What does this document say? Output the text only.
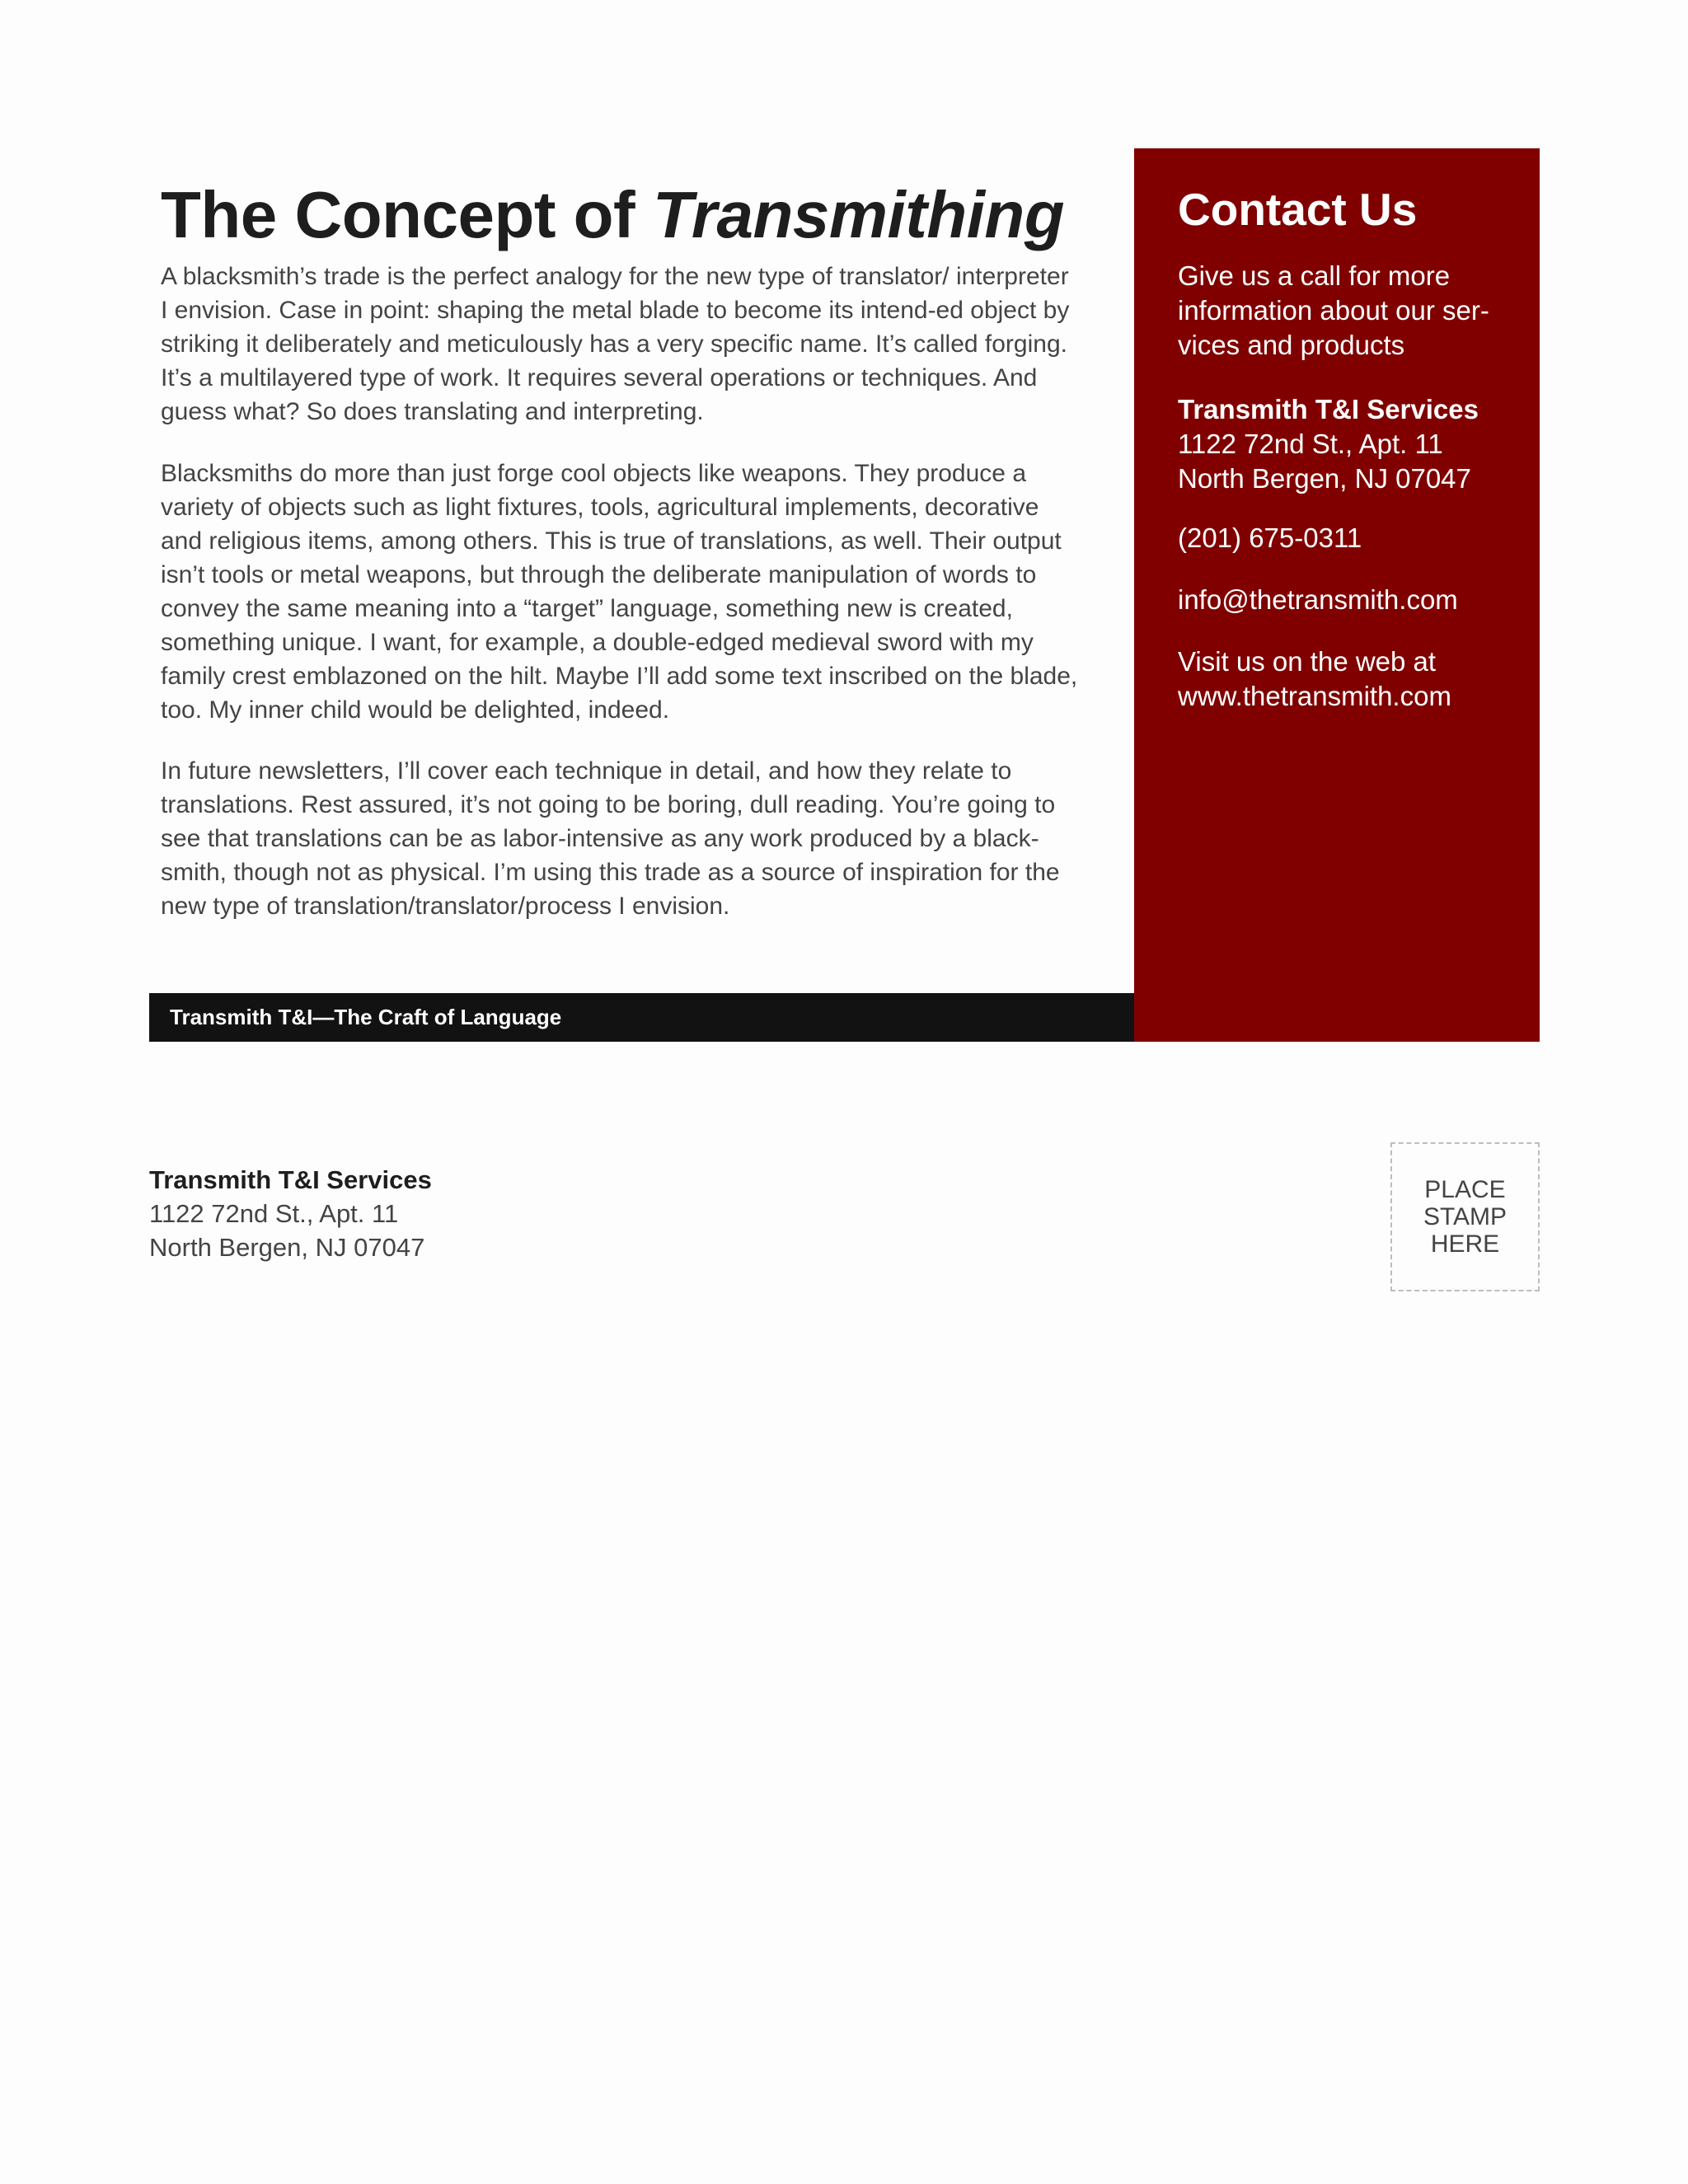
The Concept of Transmithing

A blacksmith’s trade is the perfect analogy for the new type of translator/ interpreter I envision. Case in point: shaping the metal blade to become its intend-ed object by striking it deliberately and meticulously has a very specific name. It’s called forging. It’s a multilayered type of work. It requires several operations or techniques. And guess what? So does translating and interpreting.

Blacksmiths do more than just forge cool objects like weapons. They produce a variety of objects such as light fixtures, tools, agricultural implements, decorative and religious items, among others. This is true of translations, as well. Their output isn’t tools or metal weapons, but through the deliberate manipulation of words to convey the same meaning into a “target” language, something new is created, something unique. I want, for example, a double-edged medieval sword with my family crest emblazoned on the hilt. Maybe I’ll add some text inscribed on the blade, too. My inner child would be delighted, indeed.

In future newsletters, I’ll cover each technique in detail, and how they relate to translations. Rest assured, it’s not going to be boring, dull reading. You’re going to see that translations can be as labor-intensive as any work produced by a black-smith, though not as physical. I’m using this trade as a source of inspiration for the new type of translation/translator/process I envision.

Contact Us

Give us a call for more information about our ser-vices and products

Transmith T&I Services

1122 72nd St., Apt. 11

North Bergen, NJ 07047

(201) 675-0311

info@thetransmith.com

Visit us on the web at

www.thetransmith.com

Transmith T&I—The Craft of Language
Transmith T&I Services
1122 72nd St., Apt. 11
North Bergen, NJ 07047
PLACE
STAMP
HERE
